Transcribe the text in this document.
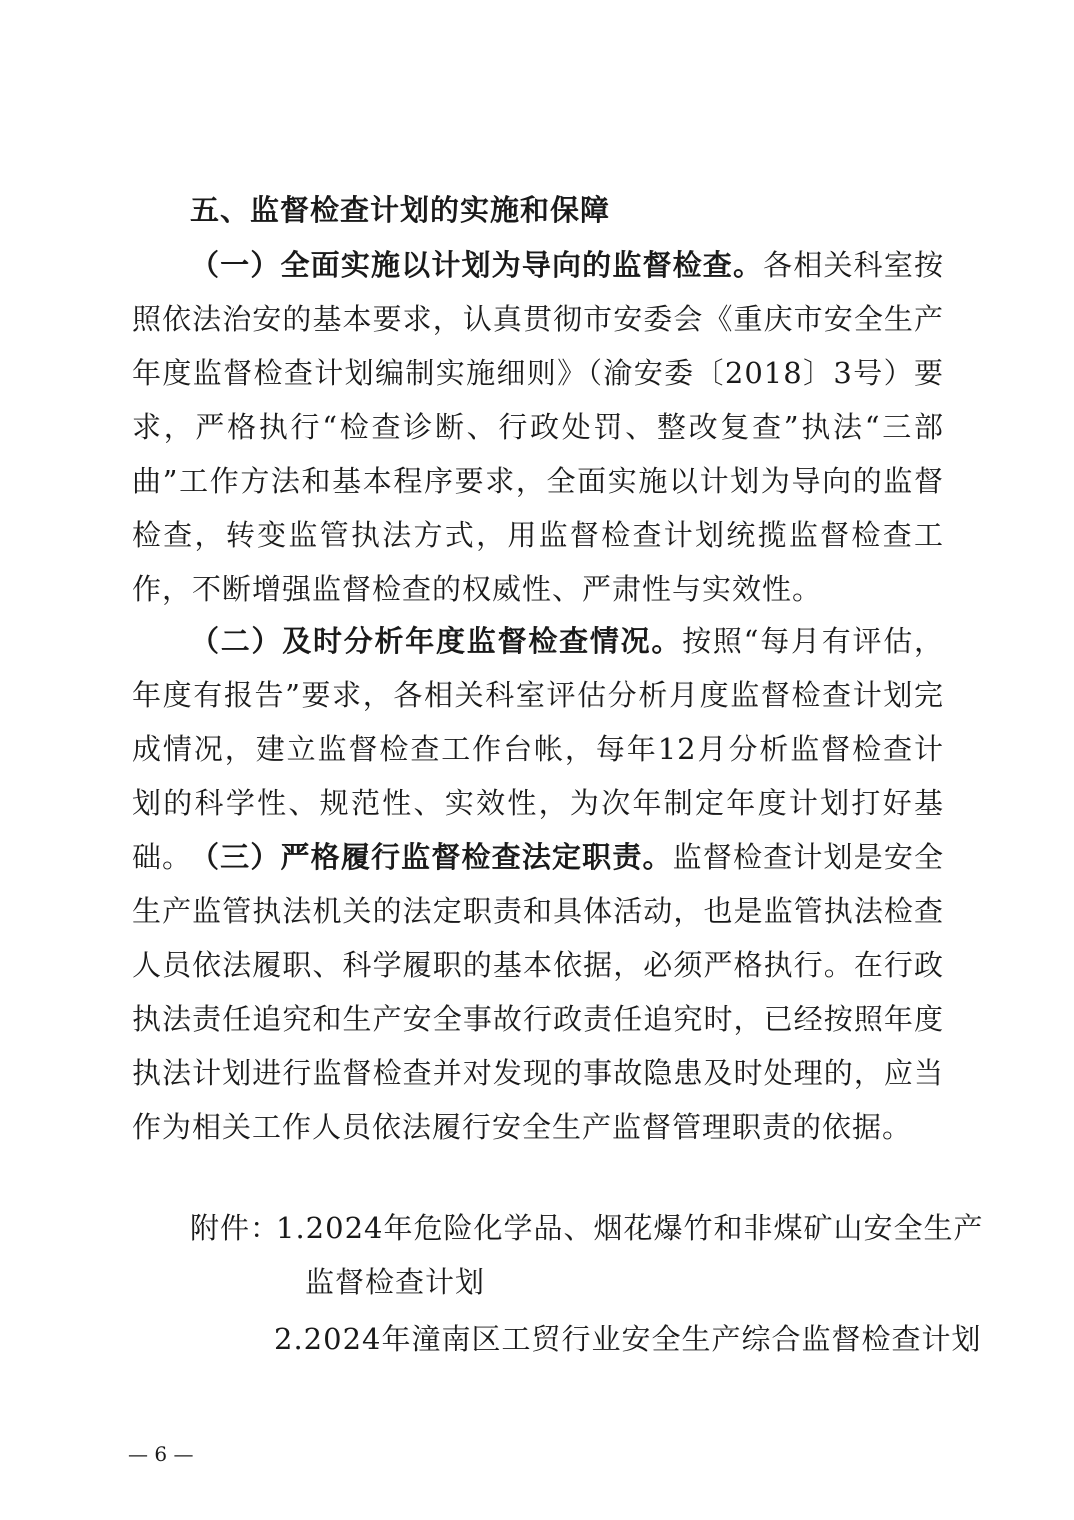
五、监督检查计划的实施和保障
（一）全面实施以计划为导向的监督检查。各相关科室按照依法治安的基本要求，认真贯彻市安委会《重庆市安全生产年度监督检查计划编制实施细则》（渝安委〔2018〕3号）要求，严格执行“检查诊断、行政处罚、整改复查”执法“三部曲”工作方法和基本程序要求，全面实施以计划为导向的监督检查，转变监管执法方式，用监督检查计划统揽监督检查工作，不断增强监督检查的权威性、严肃性与实效性。
（二）及时分析年度监督检查情况。按照“每月有评估，年度有报告”要求，各相关科室评估分析月度监督检查计划完成情况，建立监督检查工作台帐，每年12月分析监督检查计划的科学性、规范性、实效性，为次年制定年度计划打好基础。
（三）严格履行监督检查法定职责。监督检查计划是安全生产监管执法机关的法定职责和具体活动，也是监管执法检查人员依法履职、科学履职的基本依据，必须严格执行。在行政执法责任追究和生产安全事故行政责任追究时，已经按照年度执法计划进行监督检查并对发现的事故隐患及时处理的，应当作为相关工作人员依法履行安全生产监督管理职责的依据。
附件：
1.2024年危险化学品、烟花爆竹和非煤矿山安全生产
监督检查计划
2.2024年潼南区工贸行业安全生产综合监督检查计划
— 6 —
